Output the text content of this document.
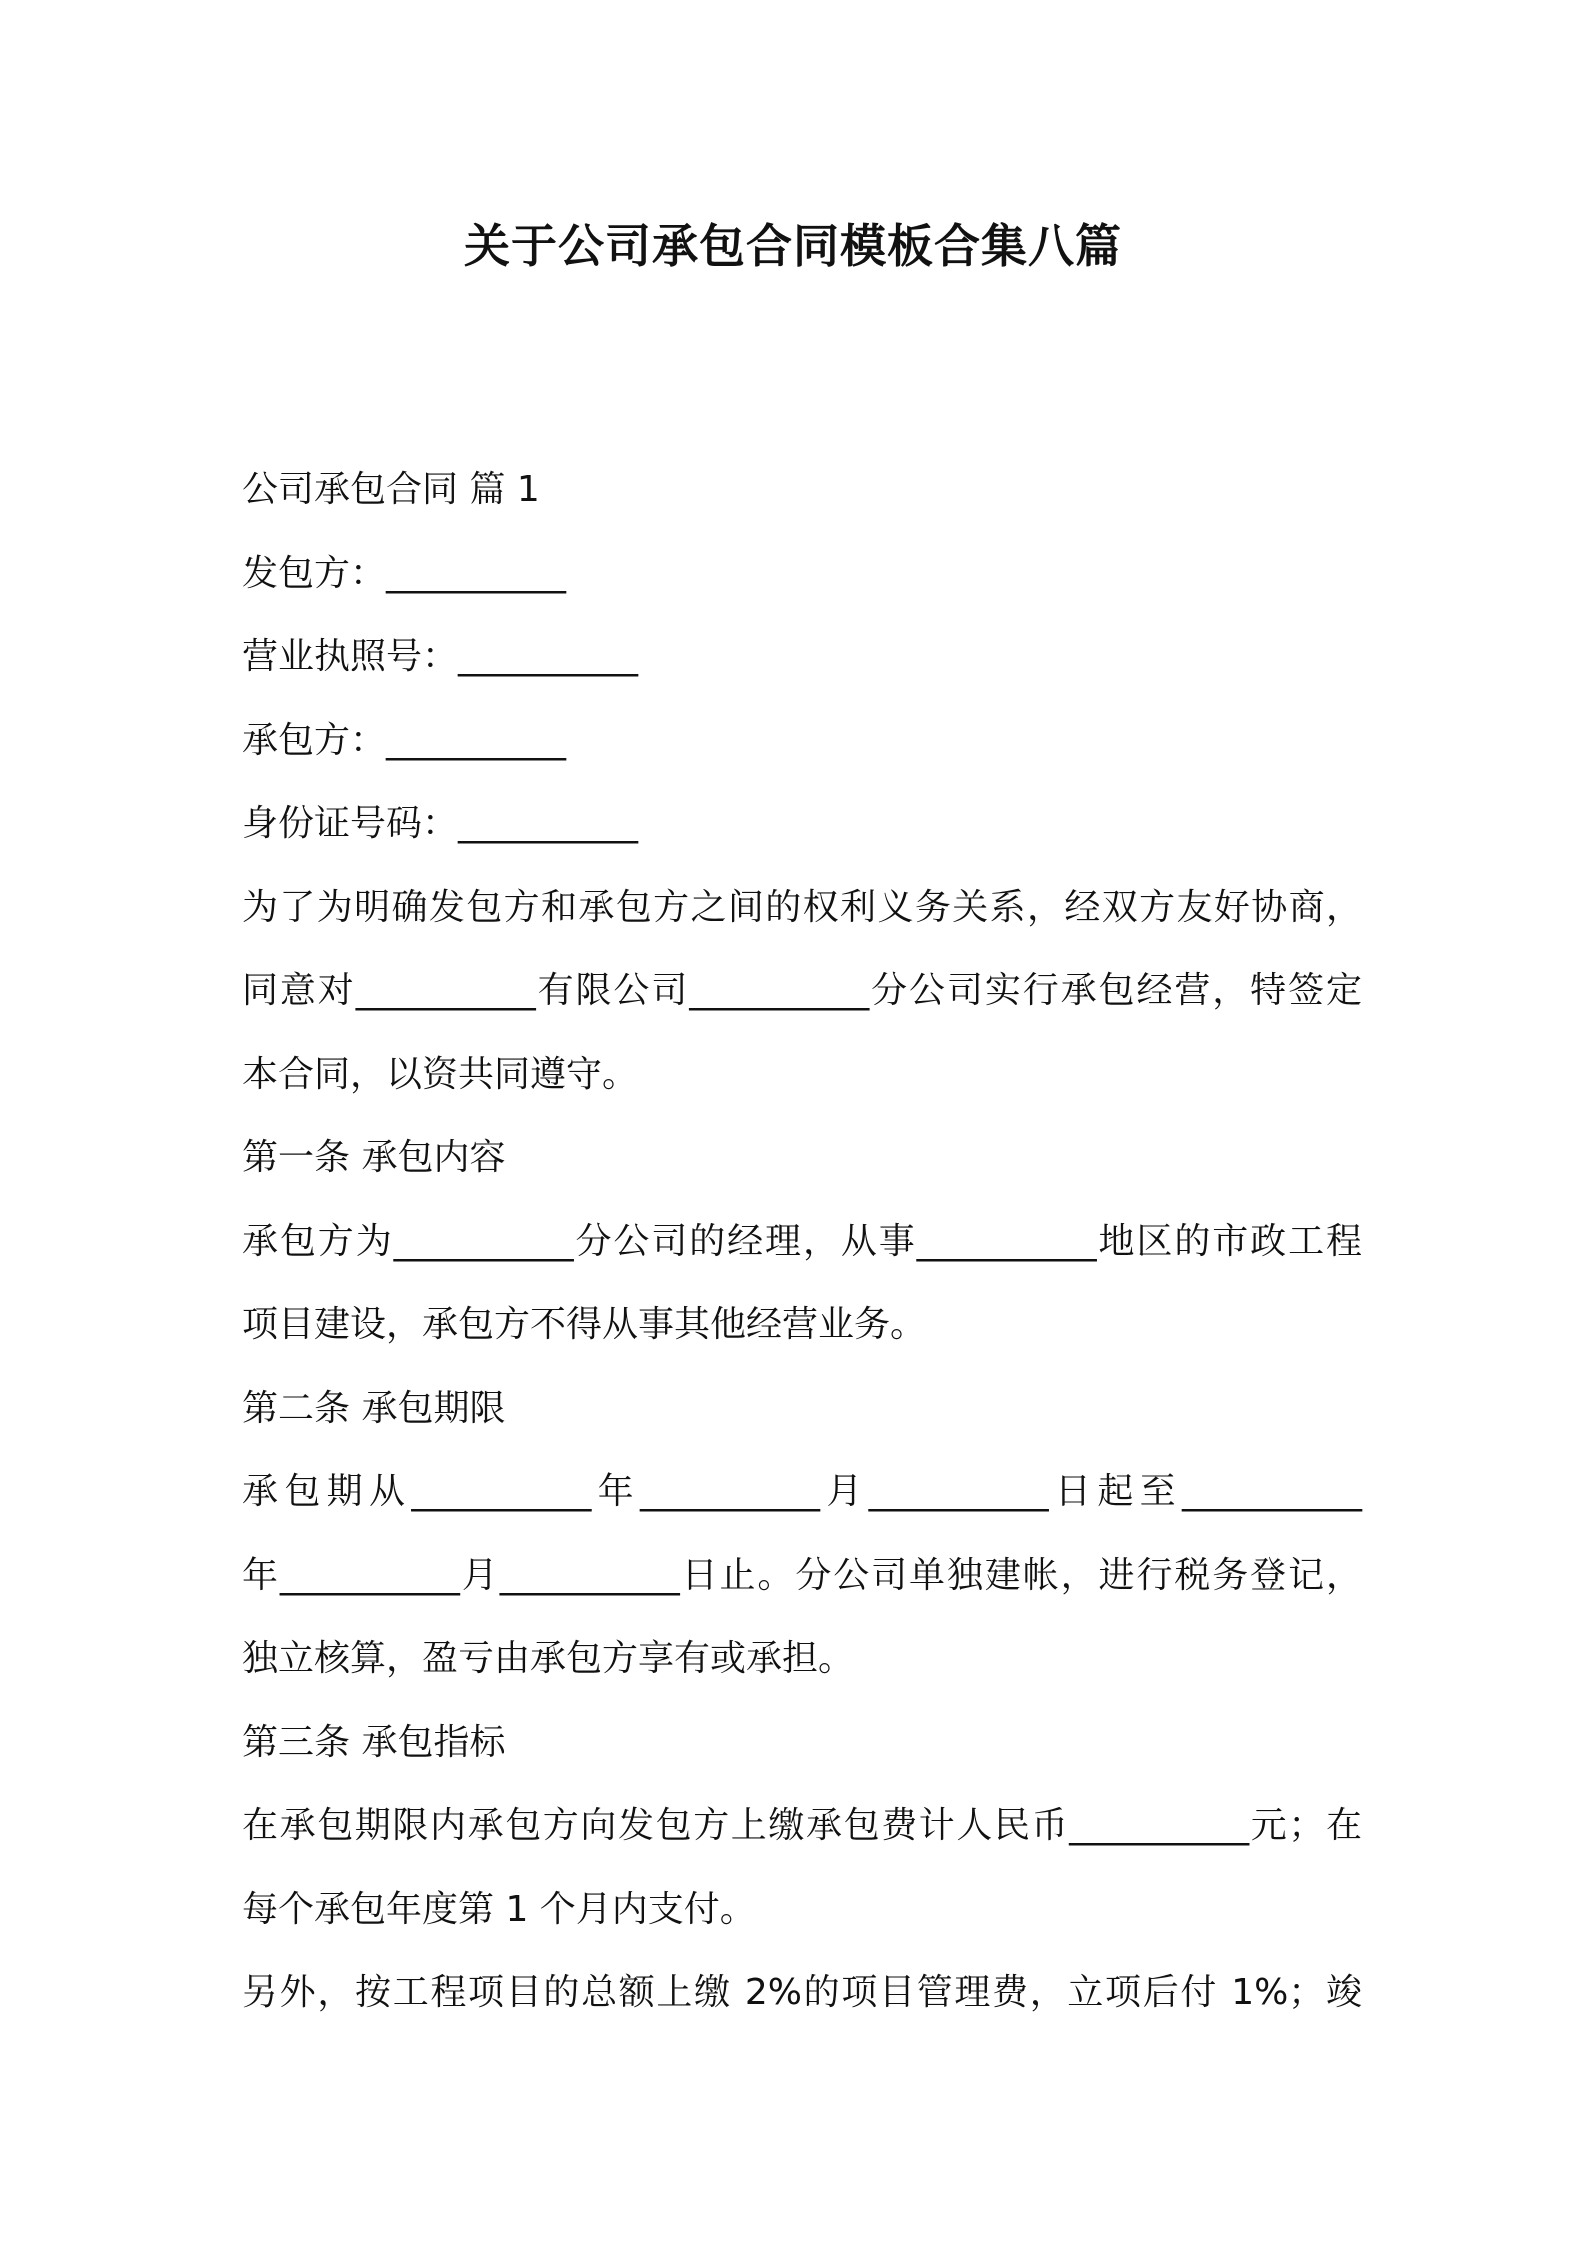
关于公司承包合同模板合集八篇
公司承包合同 篇 1
发包方：__________
营业执照号：__________
承包方：__________
身份证号码：__________
为了为明确发包方和承包方之间的权利义务关系，经双方友好协商，
同意对__________有限公司__________分公司实行承包经营，特签定
本合同，以资共同遵守。
第一条 承包内容
承包方为__________分公司的经理，从事__________地区的市政工程
项目建设，承包方不得从事其他经营业务。
第二条 承包期限
承包期从__________年__________月__________日起至__________
年__________月__________日止。分公司单独建帐，进行税务登记，
独立核算，盈亏由承包方享有或承担。
第三条 承包指标
在承包期限内承包方向发包方上缴承包费计人民币__________元；在
每个承包年度第 1 个月内支付。
另外，按工程项目的总额上缴 2%的项目管理费，立项后付 1%；竣
